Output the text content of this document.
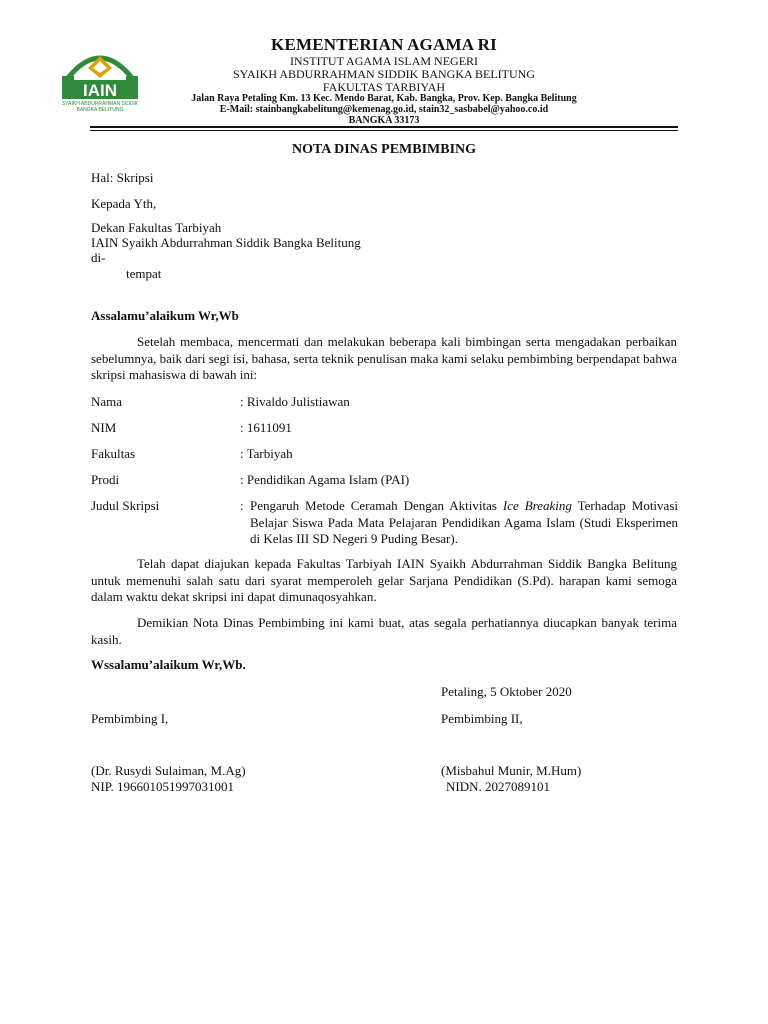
IAIN
SYAIKH ABDURRAHMAN SIDDIK
BANGKA BELITUNG
KEMENTERIAN AGAMA RI
INSTITUT AGAMA ISLAM NEGERI
SYAIKH ABDURRAHMAN SIDDIK BANGKA BELITUNG
FAKULTAS TARBIYAH
Jalan Raya Petaling Km. 13 Kec. Mendo Barat, Kab. Bangka, Prov. Kep. Bangka Belitung
E-Mail: stainbangkabelitung@kemenag.go.id, stain32_sasbabel@yahoo.co.id
BANGKA 33173
NOTA DINAS PEMBIMBING
Hal: Skripsi
Kepada Yth,
Dekan Fakultas Tarbiyah
IAIN Syaikh Abdurrahman Siddik Bangka Belitung
di-
tempat
Assalamu’alaikum Wr,Wb
Setelah membaca, mencermati dan melakukan beberapa kali bimbingan serta mengadakan perbaikan sebelumnya, baik dari segi isi, bahasa, serta teknik penulisan maka kami selaku pembimbing berpendapat bahwa skripsi mahasiswa di bawah ini:
Nama	: Rivaldo Julistiawan
NIM	: 1611091
Fakultas	: Tarbiyah
Prodi	: Pendidikan Agama Islam (PAI)
Judul Skripsi	: Pengaruh Metode Ceramah Dengan Aktivitas Ice Breaking Terhadap Motivasi Belajar Siswa Pada Mata Pelajaran Pendidikan Agama Islam (Studi Eksperimen di Kelas III SD Negeri 9 Puding Besar).
Telah dapat diajukan kepada Fakultas Tarbiyah IAIN Syaikh Abdurrahman Siddik Bangka Belitung untuk memenuhi salah satu dari syarat memperoleh gelar Sarjana Pendidikan (S.Pd). harapan kami semoga dalam waktu dekat skripsi ini dapat dimunaqosyahkan.
Demikian Nota Dinas Pembimbing ini kami buat, atas segala perhatiannya diucapkan banyak terima kasih.
Wssalamu’alaikum Wr,Wb.
Petaling, 5 Oktober 2020
Pembimbing I,	Pembimbing II,
(Dr. Rusydi Sulaiman, M.Ag)	(Misbahul Munir, M.Hum)
NIP. 196601051997031001	NIDN. 2027089101
